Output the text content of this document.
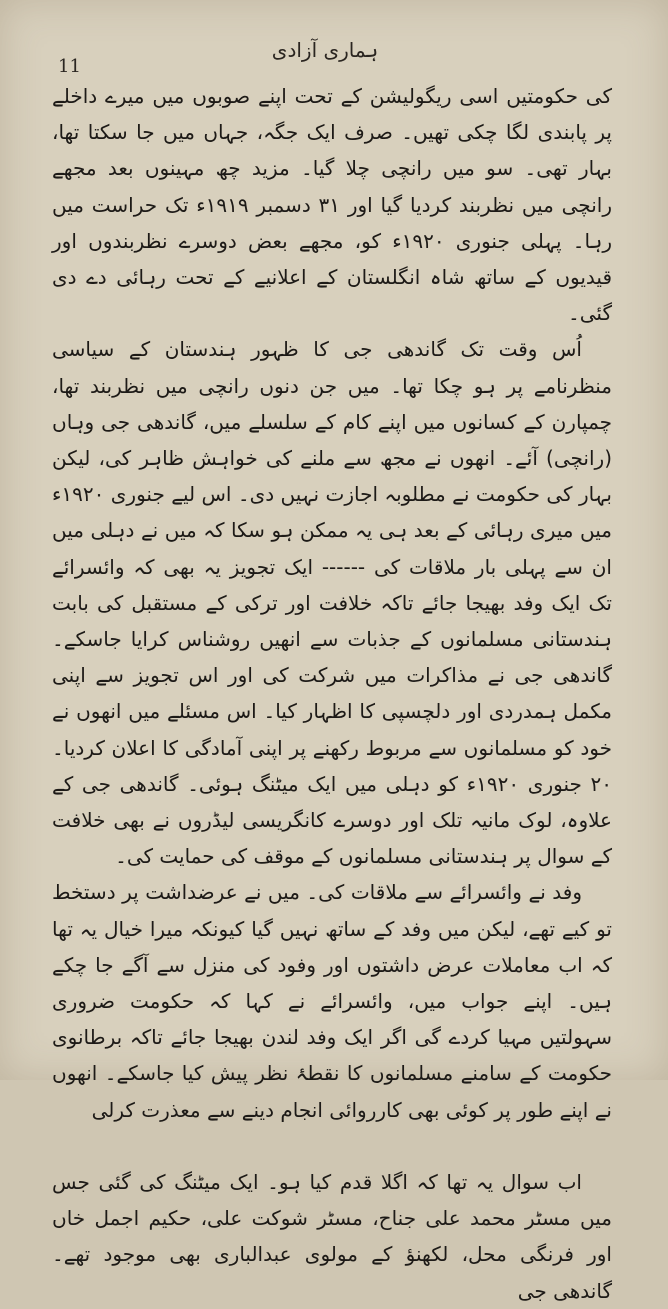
11
ہماری آزادی

کی حکومتیں اسی ریگولیشن کے تحت اپنے صوبوں میں میرے داخلے پر پابندی لگا چکی تھیں۔ صرف ایک جگہ، جہاں میں جا سکتا تھا، بہار تھی۔ سو میں رانچی چلا گیا۔ مزید چھ مہینوں بعد مجھے رانچی میں نظربند کردیا گیا اور ۳۱ دسمبر ۱۹۱۹ء تک حراست میں رہا۔ پہلی جنوری ۱۹۲۰ء کو، مجھے بعض دوسرے نظربندوں اور قیدیوں کے ساتھ شاہ انگلستان کے اعلانیے کے تحت رہائی دے دی گئی۔

اُس وقت تک گاندھی جی کا ظہور ہندستان کے سیاسی منظرنامے پر ہو چکا تھا۔ میں جن دنوں رانچی میں نظربند تھا، چمپارن کے کسانوں میں اپنے کام کے سلسلے میں، گاندھی جی وہاں (رانچی) آئے۔ انھوں نے مجھ سے ملنے کی خواہش ظاہر کی، لیکن بہار کی حکومت نے مطلوبہ اجازت نہیں دی۔ اس لیے جنوری ۱۹۲۰ء میں میری رہائی کے بعد ہی یہ ممکن ہو سکا کہ میں نے دہلی میں ان سے پہلی بار ملاقات کی ------ ایک تجویز یہ بھی کہ وائسرائے تک ایک وفد بھیجا جائے تاکہ خلافت اور ترکی کے مستقبل کی بابت ہندستانی مسلمانوں کے جذبات سے انھیں روشناس کرایا جاسکے۔ گاندھی جی نے مذاکرات میں شرکت کی اور اس تجویز سے اپنی مکمل ہمدردی اور دلچسپی کا اظہار کیا۔ اس مسئلے میں انھوں نے خود کو مسلمانوں سے مربوط رکھنے پر اپنی آمادگی کا اعلان کردیا۔ ۲۰ جنوری ۱۹۲۰ء کو دہلی میں ایک میٹنگ ہوئی۔ گاندھی جی کے علاوہ، لوک مانیہ تلک اور دوسرے کانگریسی لیڈروں نے بھی خلافت کے سوال پر ہندستانی مسلمانوں کے موقف کی حمایت کی۔

وفد نے وائسرائے سے ملاقات کی۔ میں نے عرضداشت پر دستخط تو کیے تھے، لیکن میں وفد کے ساتھ نہیں گیا کیونکہ میرا خیال یہ تھا کہ اب معاملات عرض داشتوں اور وفود کی منزل سے آگے جا چکے ہیں۔ اپنے جواب میں، وائسرائے نے کہا کہ حکومت ضروری سہولتیں مہیا کردے گی اگر ایک وفد لندن بھیجا جائے تاکہ برطانوی حکومت کے سامنے مسلمانوں کا نقطۂ نظر پیش کیا جاسکے۔ انھوں نے اپنے طور پر کوئی بھی کارروائی انجام دینے سے معذرت کرلی

اب سوال یہ تھا کہ اگلا قدم کیا ہو۔ ایک میٹنگ کی گئی جس میں مسٹر محمد علی جناح، مسٹر شوکت علی، حکیم اجمل خاں اور فرنگی محل، لکھنؤ کے مولوی عبدالباری بھی موجود تھے۔ گاندھی جی
